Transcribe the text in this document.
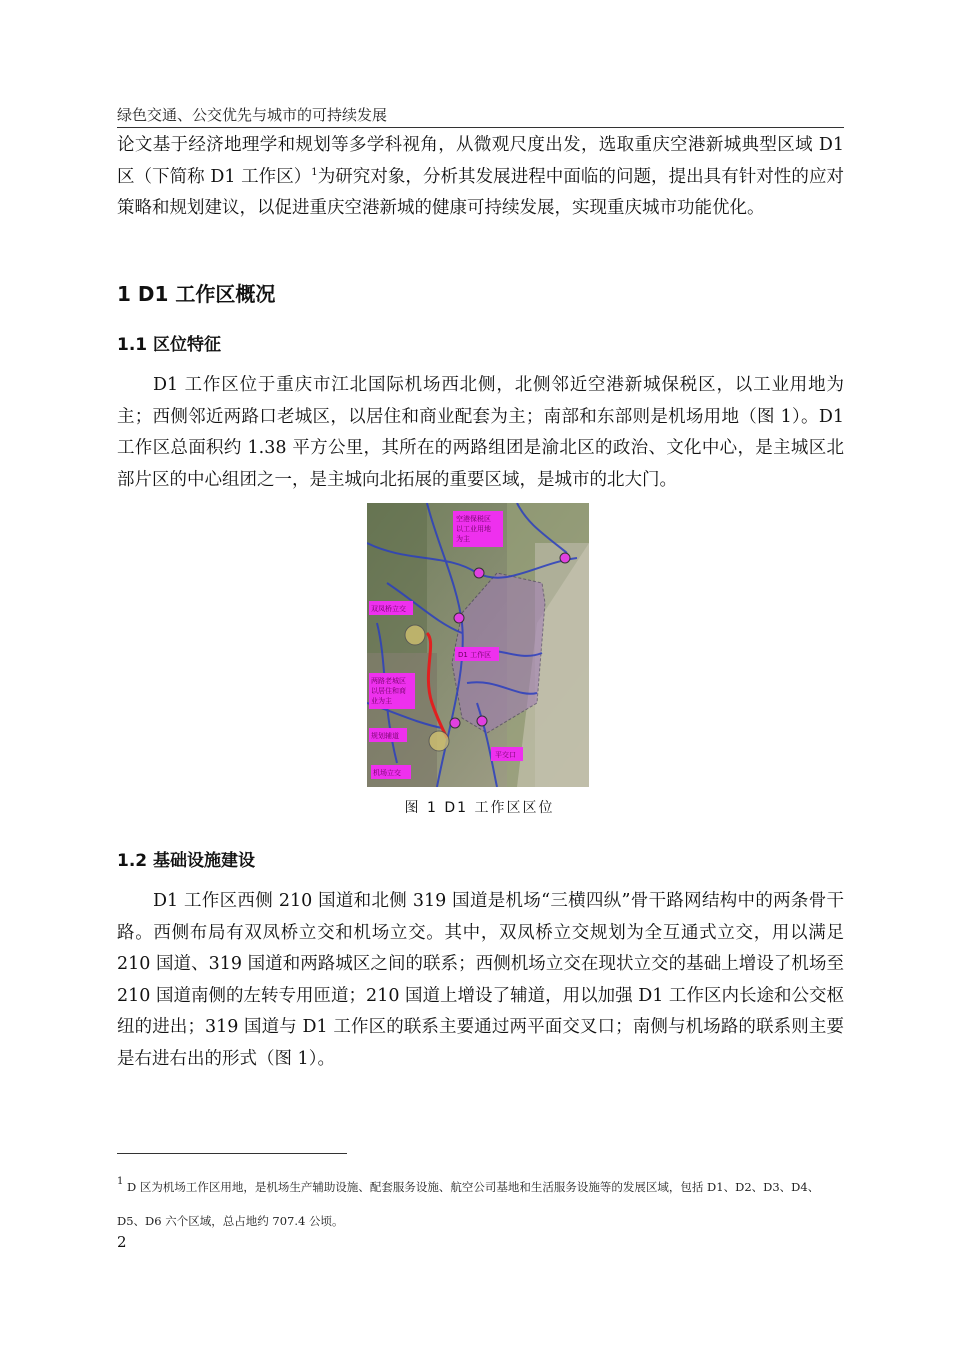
绿色交通、公交优先与城市的可持续发展

论文基于经济地理学和规划等多学科视角，从微观尺度出发，选取重庆空港新城典型区域 D1 区（下简称 D1 工作区）$^1$为研究对象，分析其发展进程中面临的问题，提出具有针对性的应对策略和规划建议，以促进重庆空港新城的健康可持续发展，实现重庆城市功能优化。

1 D1 工作区概况
1.1 区位特征

D1 工作区位于重庆市江北国际机场西北侧，北侧邻近空港新城保税区，以工业用地为主；西侧邻近两路口老城区，以居住和商业配套为主；南部和东部则是机场用地（图 1）。D1 工作区总面积约 1.38 平方公里，其所在的两路组团是渝北区的政治、文化中心，是主城区北部片区的中心组团之一，是主城向北拓展的重要区域，是城市的北大门。

空港保税区
以工业用地
为主
双凤桥立交
D1 工作区
两路老城区
以居住和商
业为主
规划辅道
平交口
机场立交
图 1 D1 工作区区位
1.2 基础设施建设

D1 工作区西侧 210 国道和北侧 319 国道是机场“三横四纵”骨干路网结构中的两条骨干路。西侧布局有双凤桥立交和机场立交。其中，双凤桥立交规划为全互通式立交，用以满足 210 国道、319 国道和两路城区之间的联系；西侧机场立交在现状立交的基础上增设了机场至 210 国道南侧的左转专用匝道；210 国道上增设了辅道，用以加强 D1 工作区内长途和公交枢纽的进出；319 国道与 D1 工作区的联系主要通过两平面交叉口；南侧与机场路的联系则主要是右进右出的形式（图 1）。

$^1$ D 区为机场工作区用地，是机场生产辅助设施、配套服务设施、航空公司基地和生活服务设施等的发展区域，包括 D1、D2、D3、D4、D5、D6 六个区域，总占地约 707.4 公顷。

2
